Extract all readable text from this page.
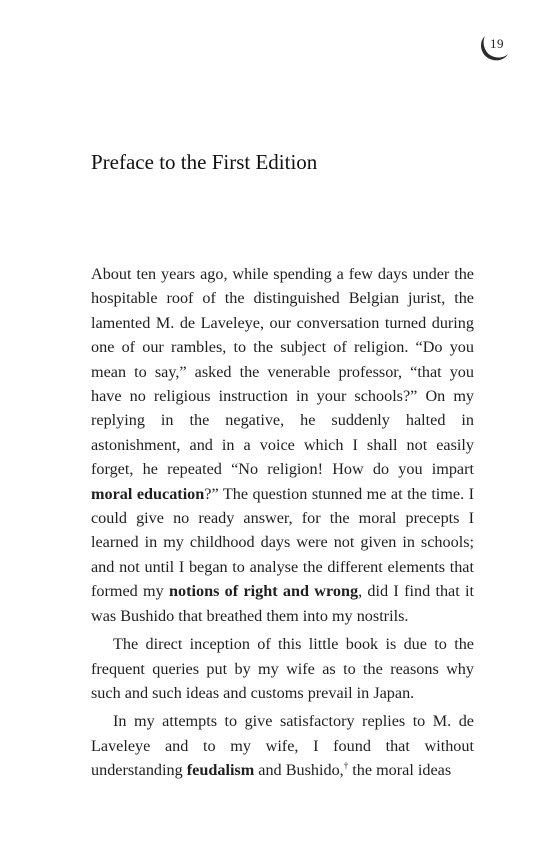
19
Preface to the First Edition

About ten years ago, while spending a few days under the hospitable roof of the distinguished Belgian jurist, the lamented M. de Laveleye, our conversation turned during one of our rambles, to the subject of religion. “Do you mean to say,” asked the venerable professor, “that you have no religious instruction in your schools?” On my replying in the negative, he suddenly halted in astonishment, and in a voice which I shall not easily forget, he repeated “No religion! How do you impart moral education?” The question stunned me at the time. I could give no ready answer, for the moral precepts I learned in my childhood days were not given in schools; and not until I began to analyse the different elements that formed my notions of right and wrong, did I find that it was Bushido that breathed them into my nostrils.

The direct inception of this little book is due to the frequent queries put by my wife as to the reasons why such and such ideas and customs prevail in Japan.

In my attempts to give satisfactory replies to M. de Laveleye and to my wife, I found that without understanding feudalism and Bushido,† the moral ideas
